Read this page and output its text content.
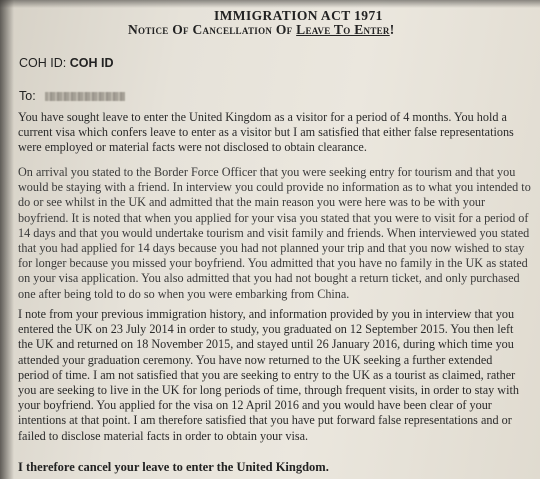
IMMIGRATION ACT 1971
Notice Of Cancellation Of Leave To Enter!
COH ID: COH ID
To:
You have sought leave to enter the United Kingdom as a visitor for a period of 4 months. You hold a
current visa which confers leave to enter as a visitor but I am satisfied that either false representations
were employed or material facts were not disclosed to obtain clearance.
On arrival you stated to the Border Force Officer that you were seeking entry for tourism and that you
would be staying with a friend. In interview you could provide no information as to what you intended to
do or see whilst in the UK and admitted that the main reason you were here was to be with your
boyfriend. It is noted that when you applied for your visa you stated that you were to visit for a period of
14 days and that you would undertake tourism and visit family and friends. When interviewed you stated
that you had applied for 14 days because you had not planned your trip and that you now wished to stay
for longer because you missed your boyfriend. You admitted that you have no family in the UK as stated
on your visa application. You also admitted that you had not bought a return ticket, and only purchased
one after being told to do so when you were embarking from China.
I note from your previous immigration history, and information provided by you in interview that you
entered the UK on 23 July 2014 in order to study, you graduated on 12 September 2015. You then left
the UK and returned on 18 November 2015, and stayed until 26 January 2016, during which time you
attended your graduation ceremony. You have now returned to the UK seeking a further extended
period of time. I am not satisfied that you are seeking to entry to the UK as a tourist as claimed, rather
you are seeking to live in the UK for long periods of time, through frequent visits, in order to stay with
your boyfriend. You applied for the visa on 12 April 2016 and you would have been clear of your
intentions at that point. I am therefore satisfied that you have put forward false representations and or
failed to disclose material facts in order to obtain your visa.
I therefore cancel your leave to enter the United Kingdom.
